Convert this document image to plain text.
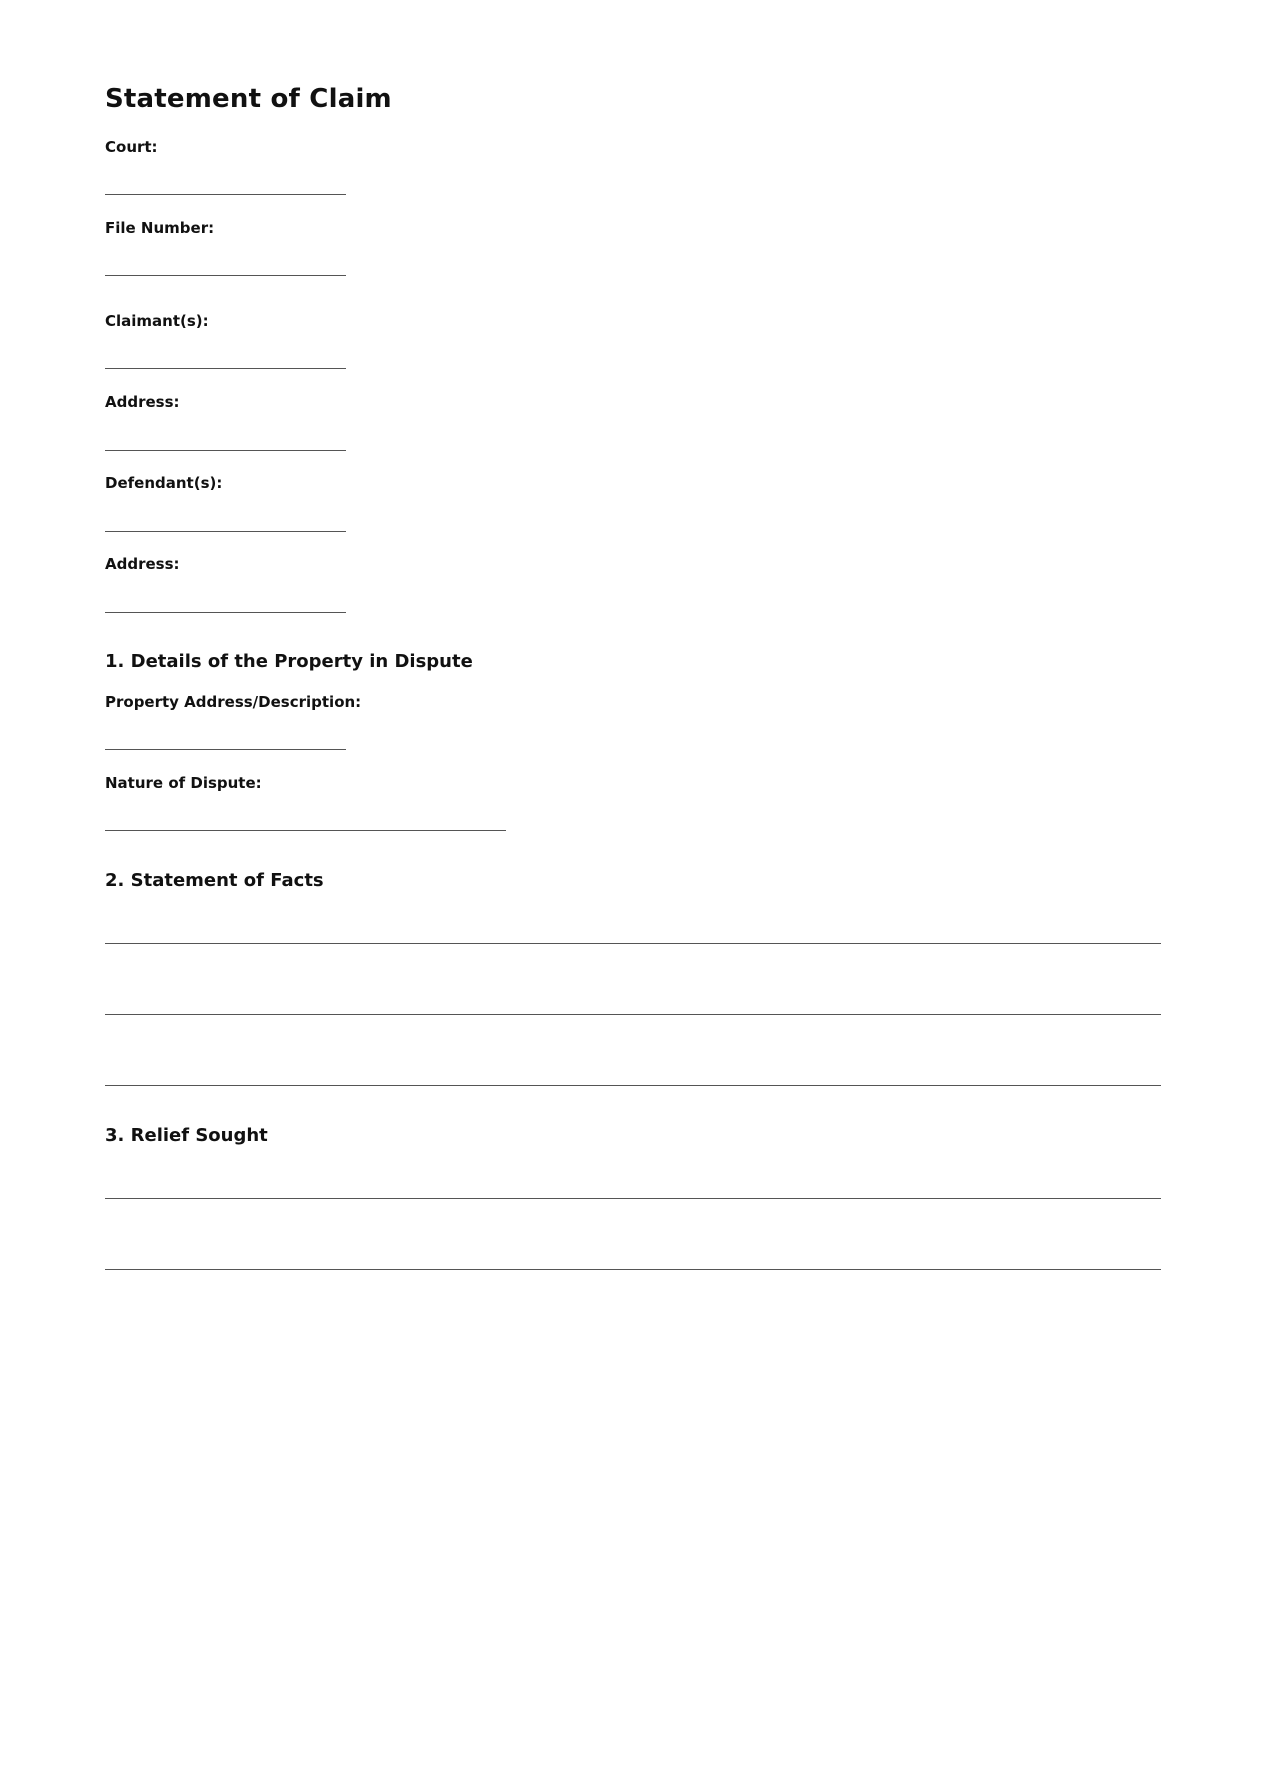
Statement of Claim
Court:
File Number:
Claimant(s):
Address:
Defendant(s):
Address:
1. Details of the Property in Dispute
Property Address/Description:
Nature of Dispute:
2. Statement of Facts
3. Relief Sought
